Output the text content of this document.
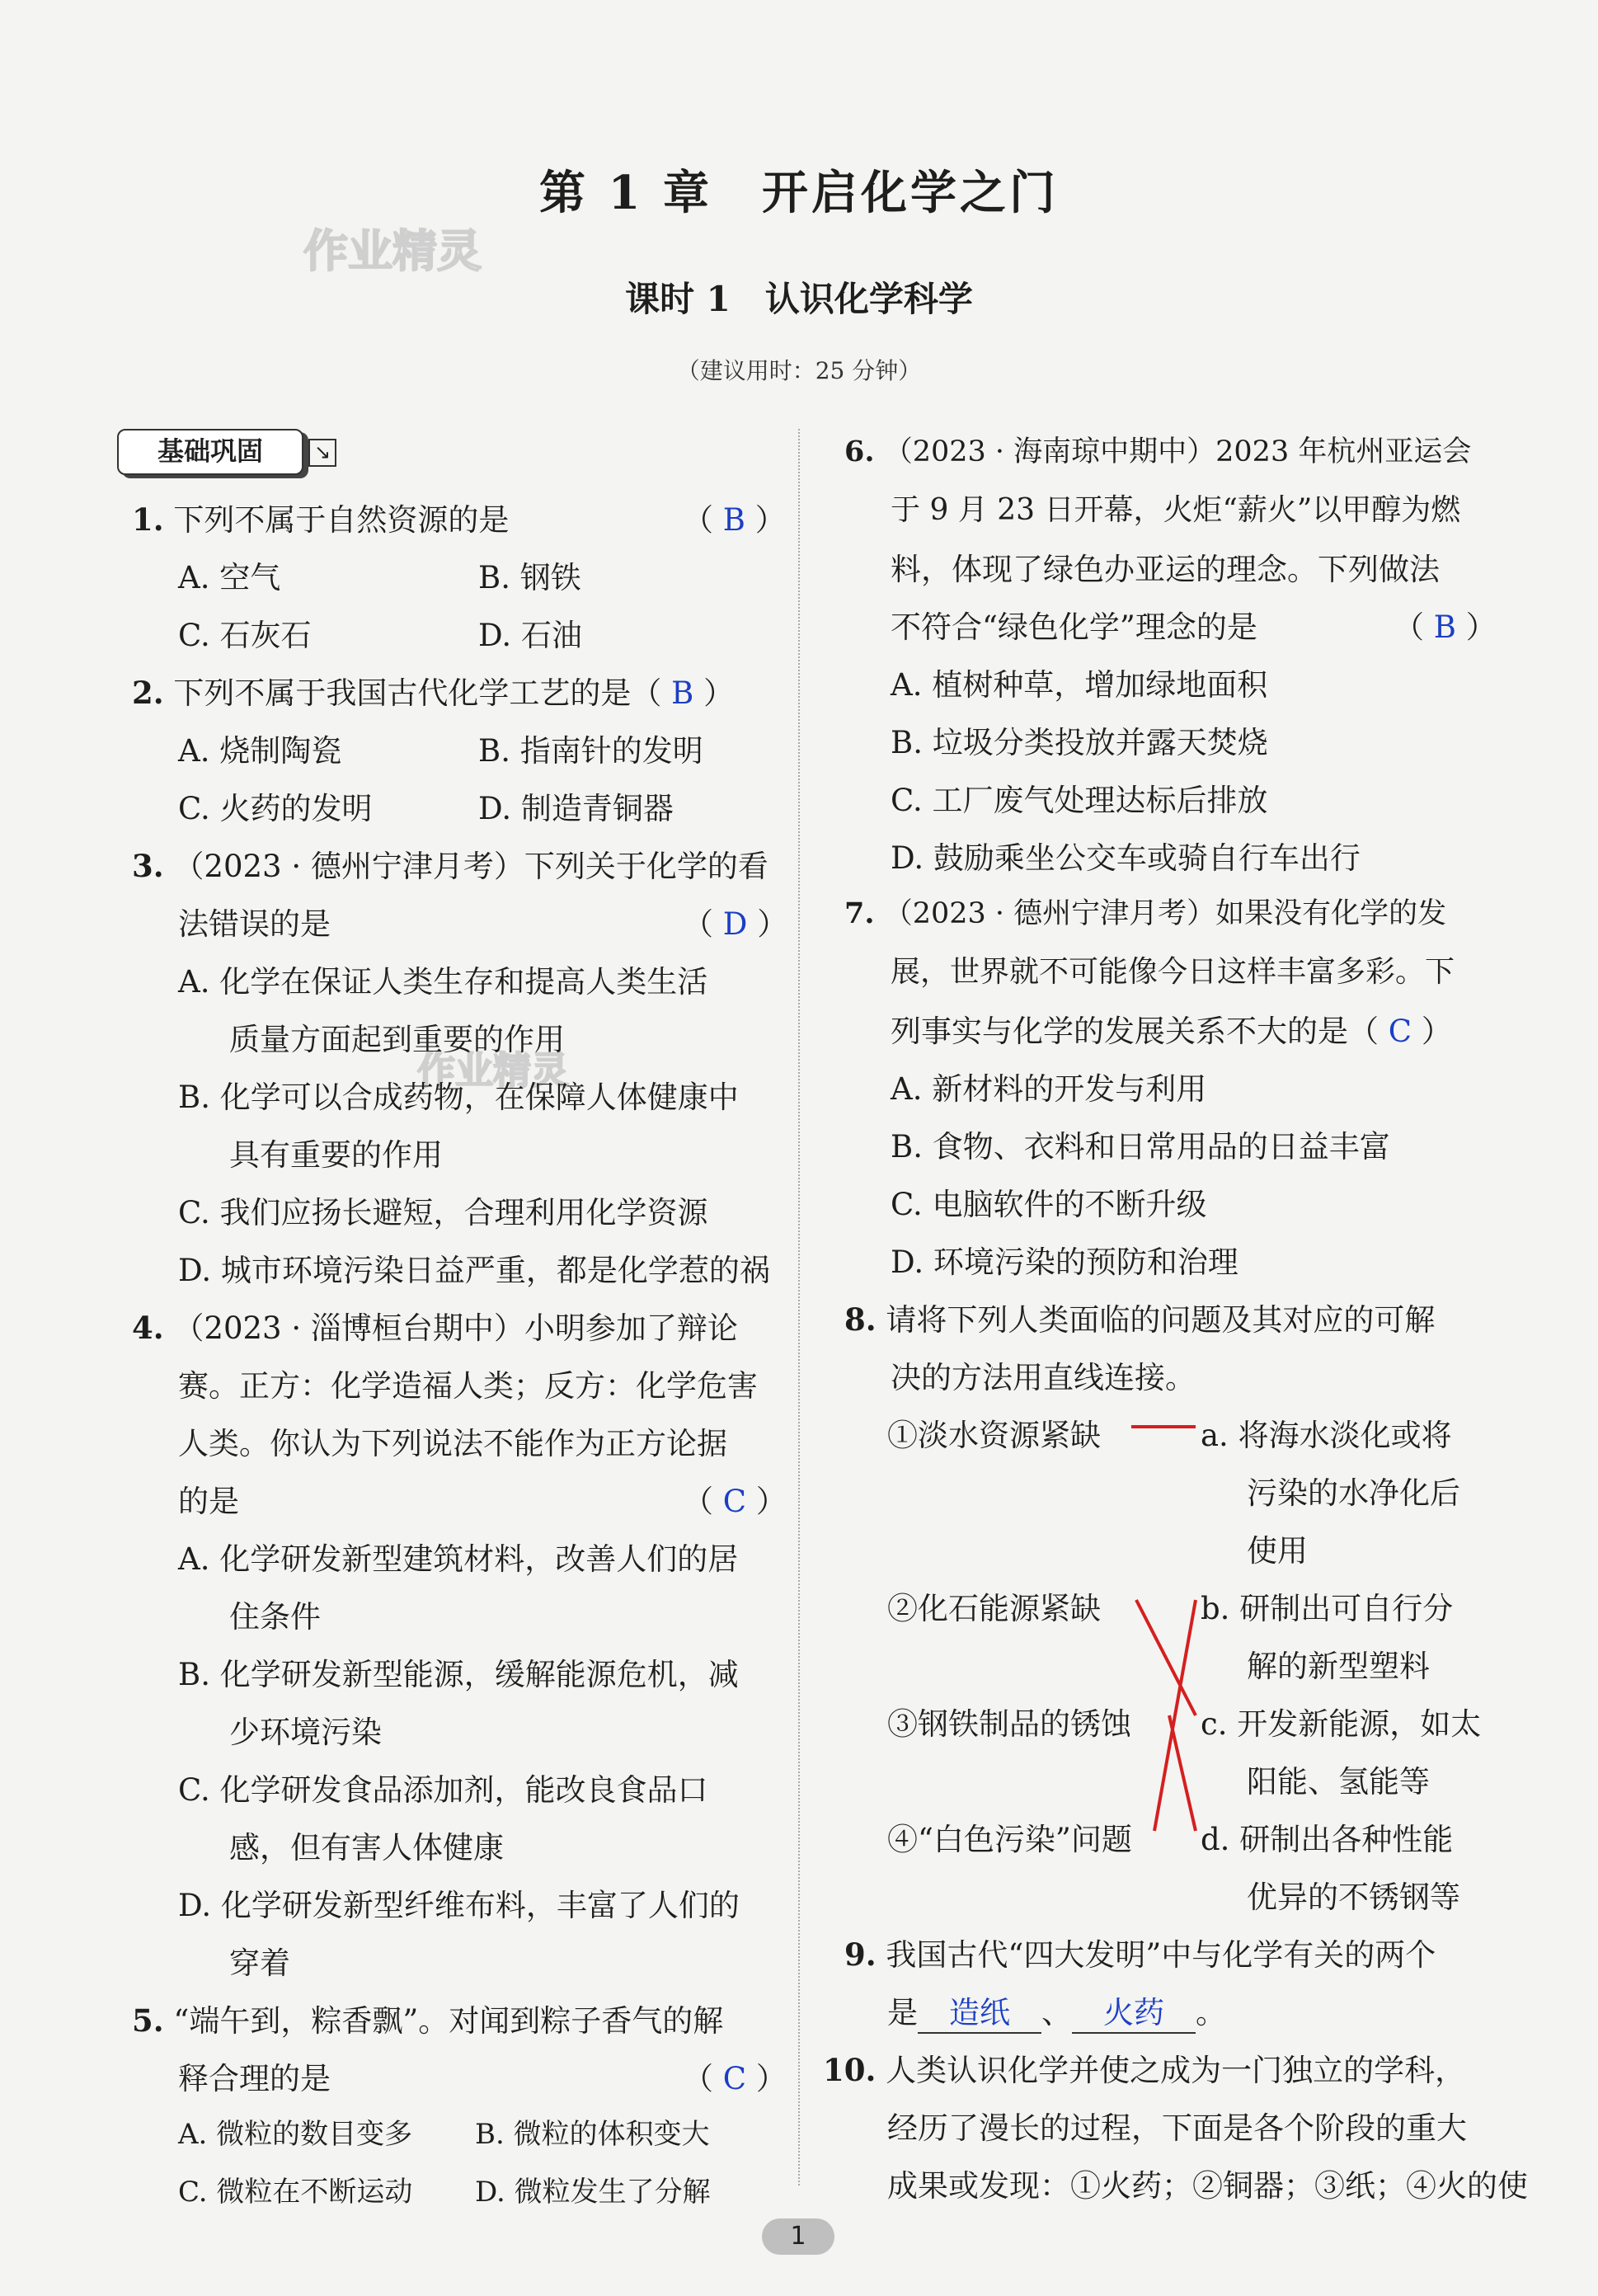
作业精灵
作业精灵
第 1 章　开启化学之门
课时 1　认识化学科学
（建议用时：25 分钟）
基础巩固	↘
1. 下列不属于自然资源的是	（ B ）
A. 空气	B. 钢铁
C. 石灰石	D. 石油
2. 下列不属于我国古代化学工艺的是（ B ）
A. 烧制陶瓷	B. 指南针的发明
C. 火药的发明	D. 制造青铜器
3. （2023 · 德州宁津月考）下列关于化学的看
法错误的是	（ D ）
A. 化学在保证人类生存和提高人类生活
质量方面起到重要的作用
B. 化学可以合成药物，在保障人体健康中
具有重要的作用
C. 我们应扬长避短，合理利用化学资源
D. 城市环境污染日益严重，都是化学惹的祸
4. （2023 · 淄博桓台期中）小明参加了辩论
赛。正方：化学造福人类；反方：化学危害
人类。你认为下列说法不能作为正方论据
的是	（ C ）
A. 化学研发新型建筑材料，改善人们的居
住条件
B. 化学研发新型能源，缓解能源危机，减
少环境污染
C. 化学研发食品添加剂，能改良食品口
感，但有害人体健康
D. 化学研发新型纤维布料，丰富了人们的
穿着
5. “端午到，粽香飘”。对闻到粽子香气的解
释合理的是	（ C ）
A. 微粒的数目变多 B. 微粒的体积变大
C. 微粒在不断运动 D. 微粒发生了分解
6. （2023 · 海南琼中期中）2023 年杭州亚运会
于 9 月 23 日开幕，火炬“薪火”以甲醇为燃
料，体现了绿色办亚运的理念。下列做法
不符合“绿色化学”理念的是	（ B ）
A. 植树种草，增加绿地面积
B. 垃圾分类投放并露天焚烧
C. 工厂废气处理达标后排放
D. 鼓励乘坐公交车或骑自行车出行
7. （2023 · 德州宁津月考）如果没有化学的发
展，世界就不可能像今日这样丰富多彩。下
列事实与化学的发展关系不大的是（ C ）
A. 新材料的开发与利用
B. 食物、衣料和日常用品的日益丰富
C. 电脑软件的不断升级
D. 环境污染的预防和治理
8. 请将下列人类面临的问题及其对应的可解
决的方法用直线连接。
①淡水资源紧缺
②化石能源紧缺
③钢铁制品的锈蚀
④“白色污染”问题
a. 将海水淡化或将
污染的水净化后
使用
b. 研制出可自行分
解的新型塑料
c. 开发新能源，如太
阳能、氢能等
d. 研制出各种性能
优异的不锈钢等
9. 我国古代“四大发明”中与化学有关的两个
是 造纸 、 火药 。
10. 人类认识化学并使之成为一门独立的学科，
经历了漫长的过程，下面是各个阶段的重大
成果或发现：①火药；②铜器；③纸；④火的使
1
